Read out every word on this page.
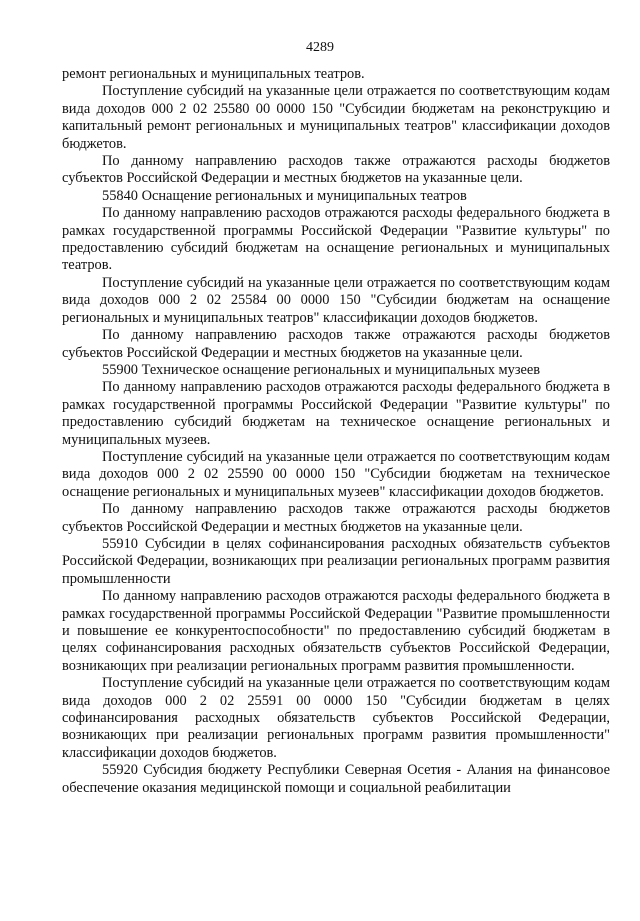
4289

ремонт региональных и муниципальных театров.

Поступление субсидий на указанные цели отражается по соответствующим кодам вида доходов 000 2 02 25580 00 0000 150 "Субсидии бюджетам на реконструкцию и капитальный ремонт региональных и муниципальных театров" классификации доходов бюджетов.

По данному направлению расходов также отражаются расходы бюджетов субъектов Российской Федерации и местных бюджетов на указанные цели.

55840 Оснащение региональных и муниципальных театров

По данному направлению расходов отражаются расходы федерального бюджета в рамках государственной программы Российской Федерации "Развитие культуры" по предоставлению субсидий бюджетам на оснащение региональных и муниципальных театров.

Поступление субсидий на указанные цели отражается по соответствующим кодам вида доходов 000 2 02 25584 00 0000 150 "Субсидии бюджетам на оснащение региональных и муниципальных театров" классификации доходов бюджетов.

По данному направлению расходов также отражаются расходы бюджетов субъектов Российской Федерации и местных бюджетов на указанные цели.

55900 Техническое оснащение региональных и муниципальных музеев

По данному направлению расходов отражаются расходы федерального бюджета в рамках государственной программы Российской Федерации "Развитие культуры" по предоставлению субсидий бюджетам на техническое оснащение региональных и муниципальных музеев.

Поступление субсидий на указанные цели отражается по соответствующим кодам вида доходов 000 2 02 25590 00 0000 150 "Субсидии бюджетам на техническое оснащение региональных и муниципальных музеев" классификации доходов бюджетов.

По данному направлению расходов также отражаются расходы бюджетов субъектов Российской Федерации и местных бюджетов на указанные цели.

55910 Субсидии в целях софинансирования расходных обязательств субъектов Российской Федерации, возникающих при реализации региональных программ развития промышленности

По данному направлению расходов отражаются расходы федерального бюджета в рамках государственной программы Российской Федерации "Развитие промышленности и повышение ее конкурентоспособности" по предоставлению субсидий бюджетам в целях софинансирования расходных обязательств субъектов Российской Федерации, возникающих при реализации региональных программ развития промышленности.

Поступление субсидий на указанные цели отражается по соответствующим кодам вида доходов 000 2 02 25591 00 0000 150 "Субсидии бюджетам в целях софинансирования расходных обязательств субъектов Российской Федерации, возникающих при реализации региональных программ развития промышленности" классификации доходов бюджетов.

55920 Субсидия бюджету Республики Северная Осетия - Алания на финансовое обеспечение оказания медицинской помощи и социальной реабилитации
